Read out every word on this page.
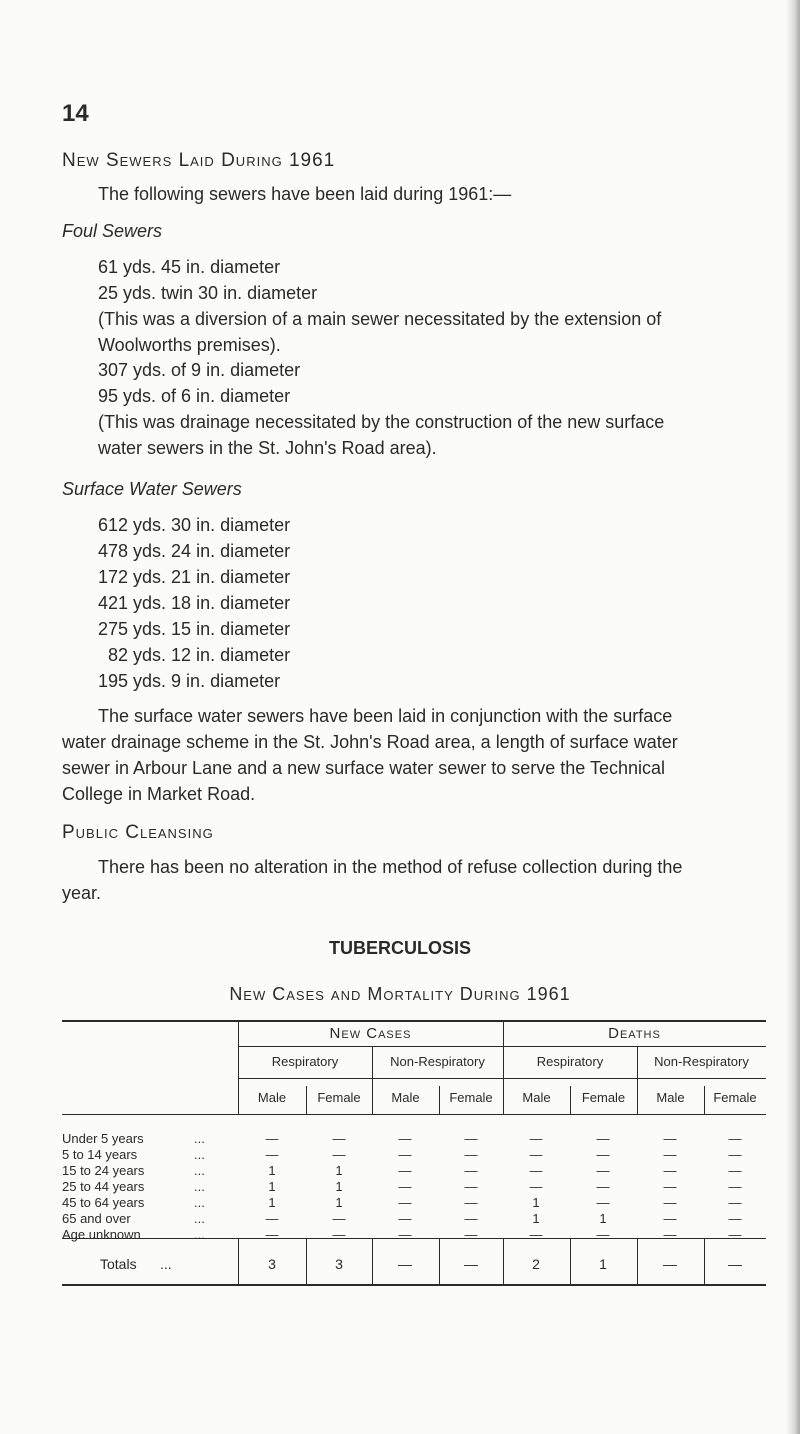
14
New Sewers Laid During 1961
The following sewers have been laid during 1961:—
Foul Sewers
61 yds. 45 in. diameter
25 yds. twin 30 in. diameter
(This was a diversion of a main sewer necessitated by the extension of
Woolworths premises).
307 yds. of 9 in. diameter
95 yds. of 6 in. diameter
(This was drainage necessitated by the construction of the new surface
water sewers in the St. John's Road area).
Surface Water Sewers
612 yds. 30 in. diameter
478 yds. 24 in. diameter
172 yds. 21 in. diameter
421 yds. 18 in. diameter
275 yds. 15 in. diameter
82 yds. 12 in. diameter
195 yds. 9 in. diameter
The surface water sewers have been laid in conjunction with the surface
water drainage scheme in the St. John's Road area, a length of surface water
sewer in Arbour Lane and a new surface water sewer to serve the Technical
College in Market Road.
Public Cleansing
There has been no alteration in the method of refuse collection during the
year.
TUBERCULOSIS
New Cases and Mortality During 1961
New Cases	Deaths
Respiratory	Non-Respiratory	Respiratory	Non-Respiratory
Male	Female	Male	Female	Male	Female	Male	Female
Under 5 years	...	—	—	—	—	—	—	—	—
5 to 14 years	...	—	—	—	—	—	—	—	—
15 to 24 years	...	1	1	—	—	—	—	—	—
25 to 44 years	...	1	1	—	—	—	—	—	—
45 to 64 years	...	1	1	—	—	1	—	—	—
65 and over	...	—	—	—	—	1	1	—	—
Age unknown	...	—	—	—	—	—	—	—	—
Totals ...	3	3	—	—	2	1	—	—
